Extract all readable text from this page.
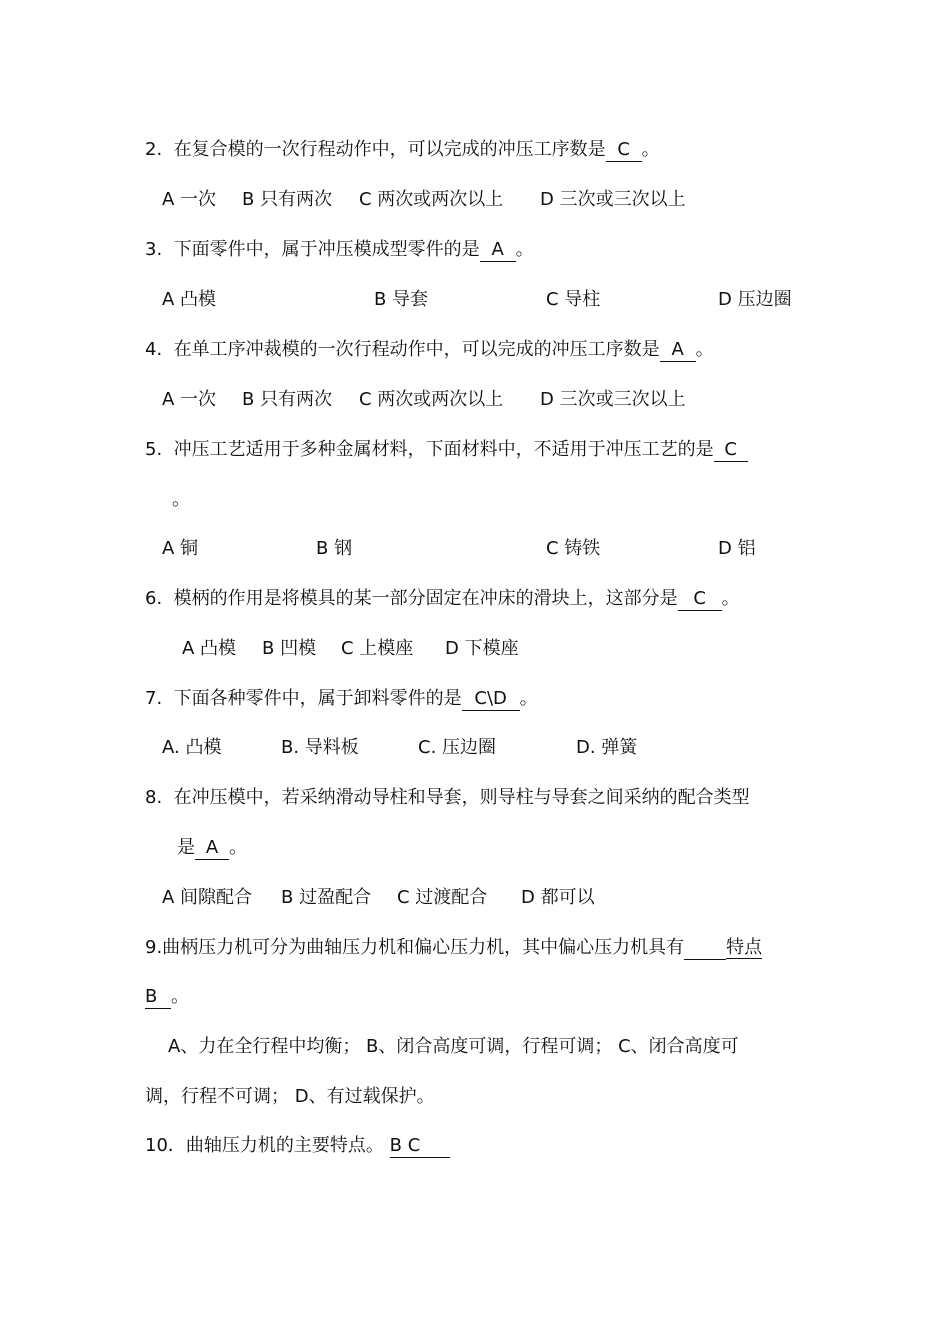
2. 在复合模的一次行程动作中，可以完成的冲压工序数是 C 。
A 一次 B 只有两次 C 两次或两次以上 D 三次或三次以上
3. 下面零件中，属于冲压模成型零件的是 A 。
A 凸模	B 导套	C 导柱	D 压边圈
4. 在单工序冲裁模的一次行程动作中，可以完成的冲压工序数是 A 。
A 一次 B 只有两次 C 两次或两次以上 D 三次或三次以上
5. 冲压工艺适用于多种金属材料，下面材料中，不适用于冲压工艺的是 C
。
A 铜	B 钢	C 铸铁	D 铝
6. 模柄的作用是将模具的某一部分固定在冲床的滑块上，这部分是 C 。
A 凸模 B 凹模 C 上模座 D 下模座
7. 下面各种零件中，属于卸料零件的是 C\D 。
A. 凸模	B. 导料板	C. 压边圈	D. 弹簧
8. 在冲压模中，若采纳滑动导柱和导套，则导柱与导套之间采纳的配合类型
是 A 。
A 间隙配合 B 过盈配合 C 过渡配合 D 都可以
9.曲柄压力机可分为曲轴压力机和偏心压力机，其中偏心压力机具有 特点
B 。
A、力在全行程中均衡； B、闭合高度可调，行程可调； C、闭合高度可
调，行程不可调； D、有过载保护。
10．曲轴压力机的主要特点。 B C
